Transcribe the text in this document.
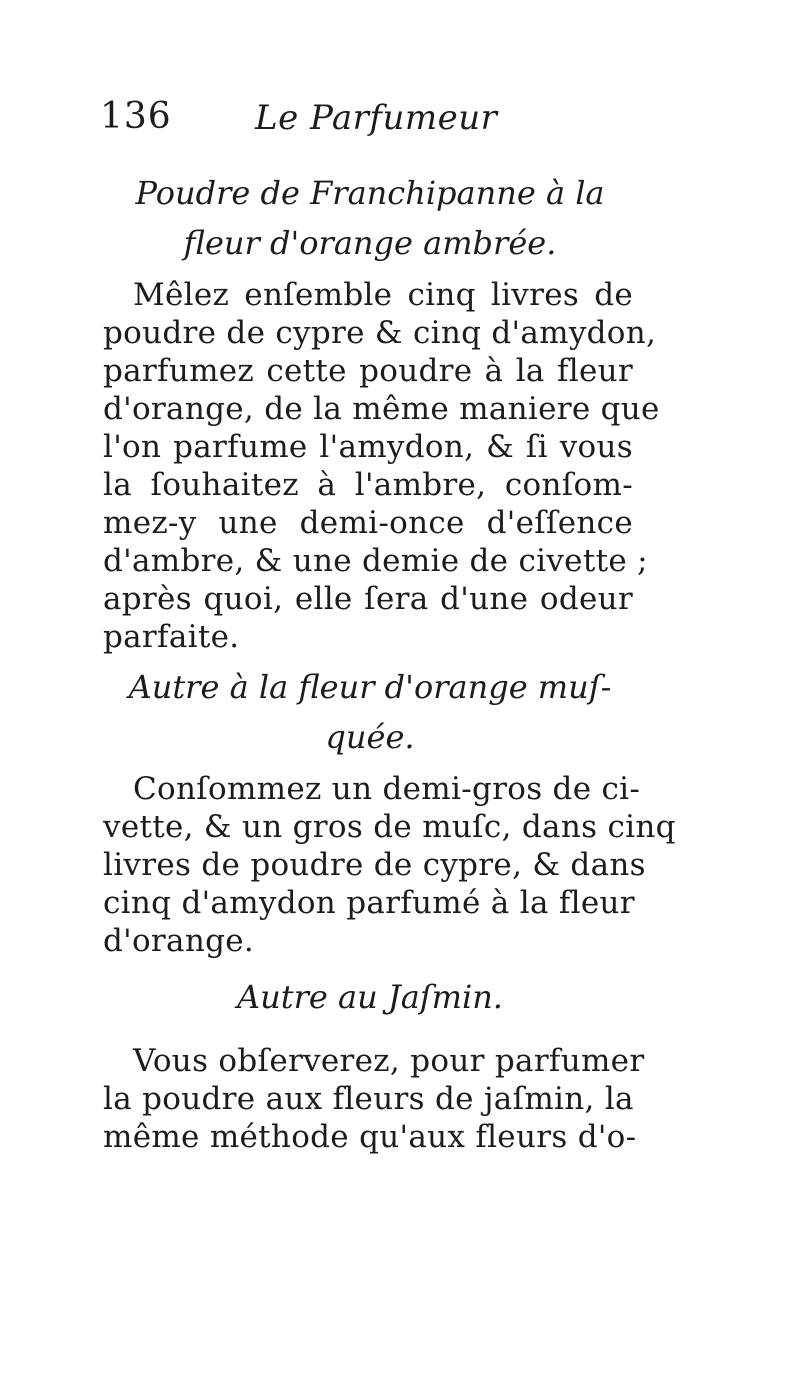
136 Le Parfumeur
Poudre de Franchipanne à la
fleur d'orange ambrée.
Mêlez enſemble cinq livres de
poudre de cypre & cinq d'amydon,
parfumez cette poudre à la fleur
d'orange, de la même maniere que
l'on parfume l'amydon, & ſi vous
la ſouhaitez à l'ambre, conſom-
mez-y une demi-once d'eſſence
d'ambre, & une demie de civette ;
après quoi, elle ſera d'une odeur
parfaite.
Autre à la fleur d'orange muſ-
quée.
Conſommez un demi-gros de ci-
vette, & un gros de muſc, dans cinq
livres de poudre de cypre, & dans
cinq d'amydon parfumé à la fleur
d'orange.
Autre au Jaſmin.
Vous obſerverez, pour parfumer
la poudre aux fleurs de jaſmin, la
même méthode qu'aux fleurs d'o-
